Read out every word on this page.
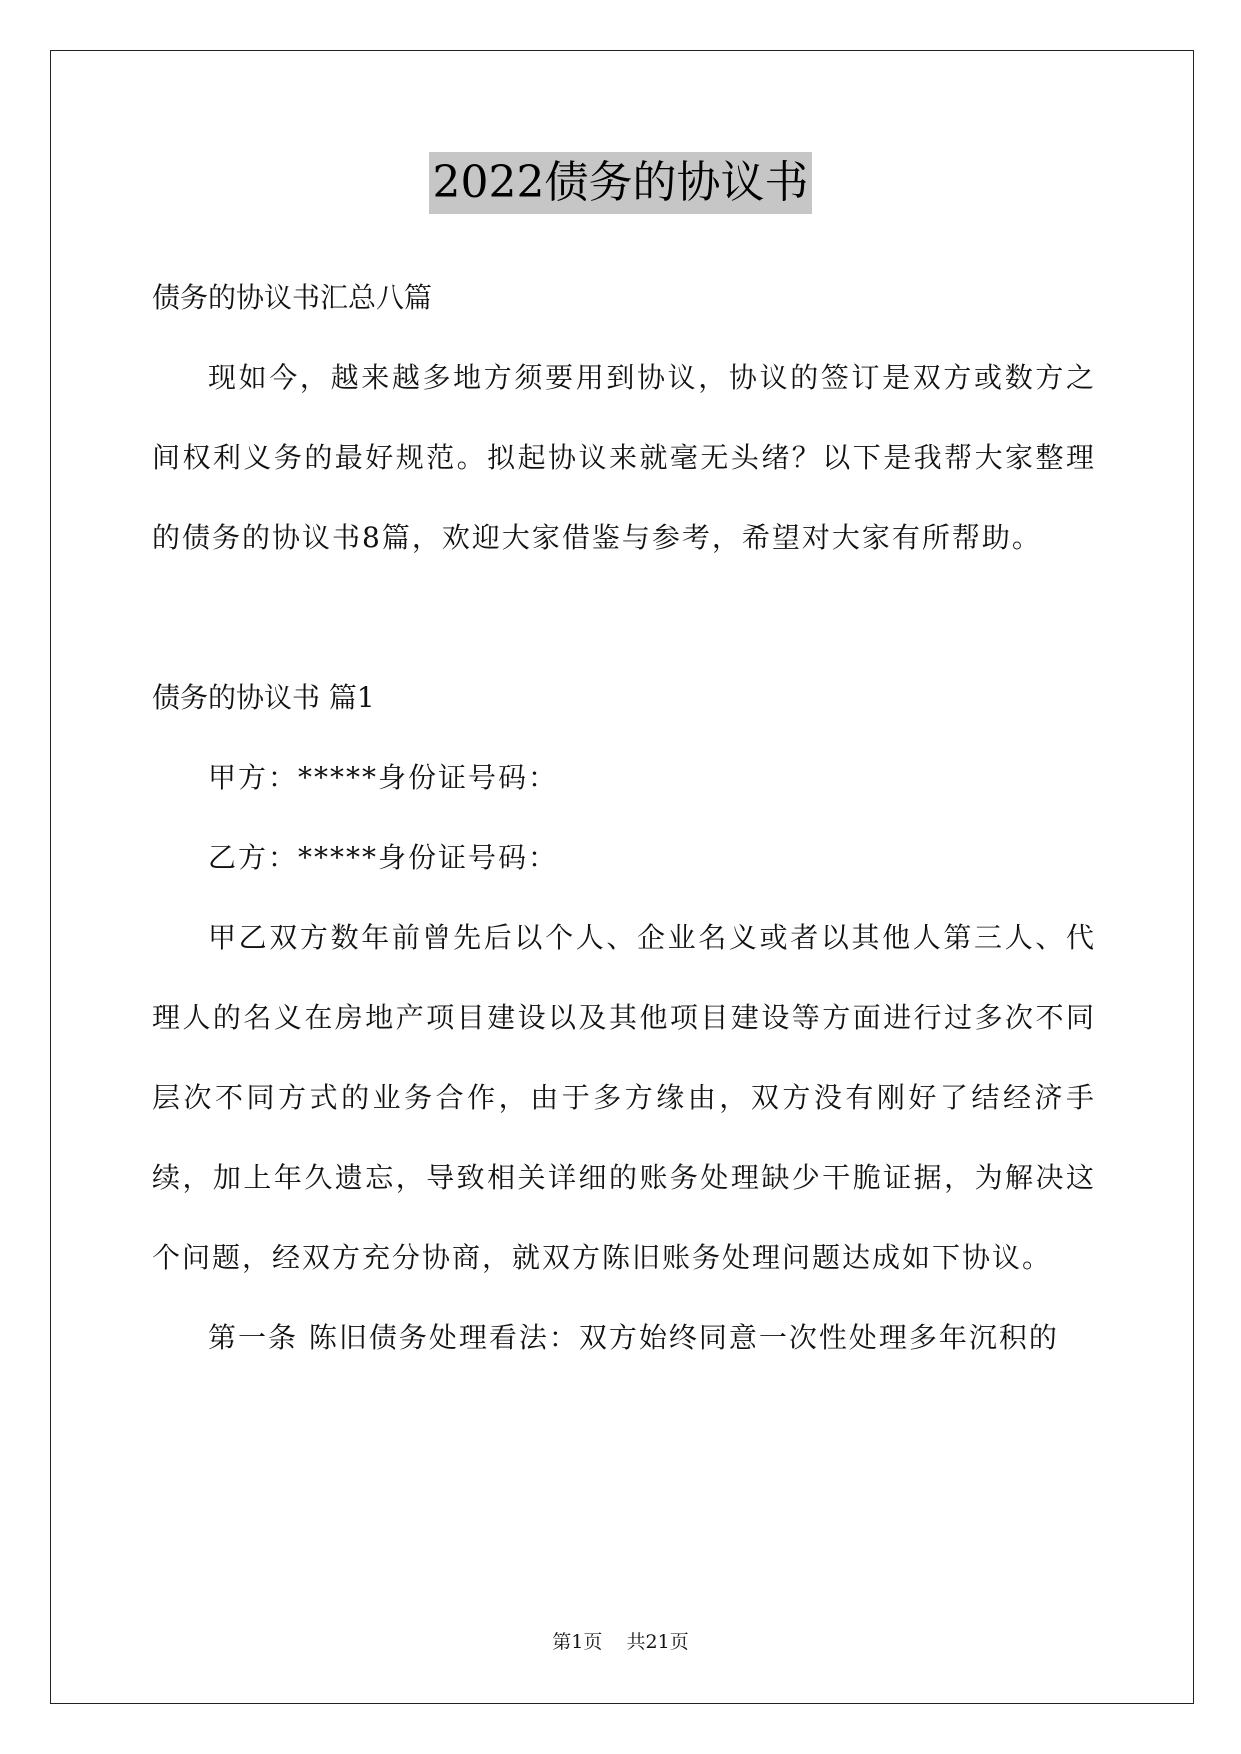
2022债务的协议书

债务的协议书汇总八篇

现如今，越来越多地方须要用到协议，协议的签订是双方或数方之间权利义务的最好规范。拟起协议来就毫无头绪？以下是我帮大家整理的债务的协议书8篇，欢迎大家借鉴与参考，希望对大家有所帮助。

债务的协议书 篇1

甲方：*****身份证号码：

乙方：*****身份证号码：

甲乙双方数年前曾先后以个人、企业名义或者以其他人第三人、代理人的名义在房地产项目建设以及其他项目建设等方面进行过多次不同层次不同方式的业务合作，由于多方缘由，双方没有刚好了结经济手续，加上年久遗忘，导致相关详细的账务处理缺少干脆证据，为解决这个问题，经双方充分协商，就双方陈旧账务处理问题达成如下协议。

第一条 陈旧债务处理看法：双方始终同意一次性处理多年沉积的

第1页    共21页
